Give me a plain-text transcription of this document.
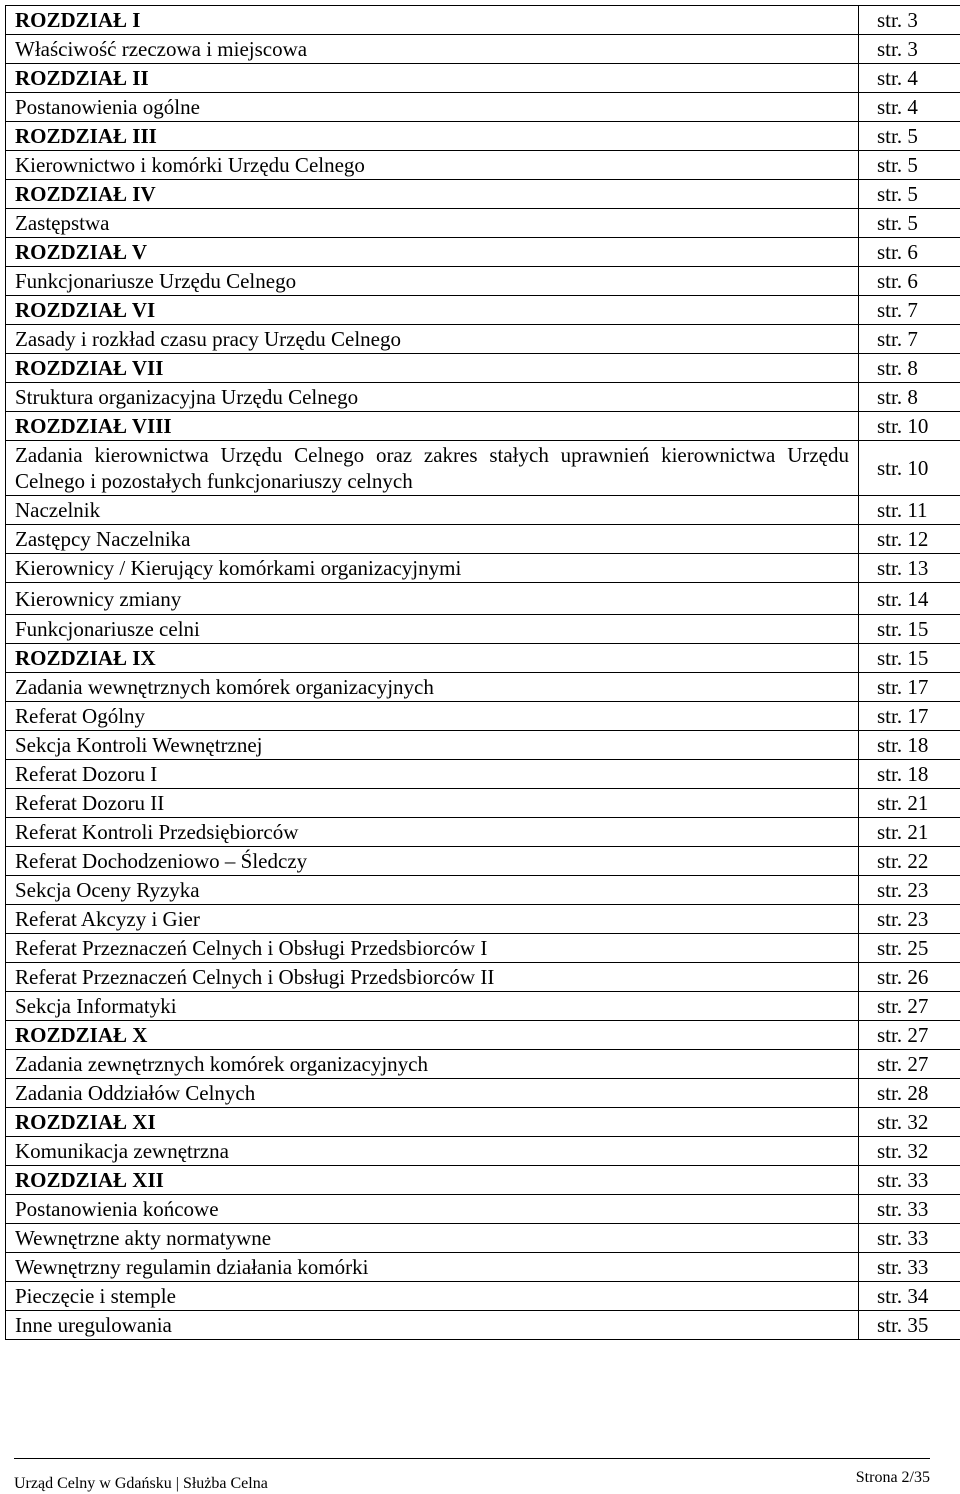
ROZDZIAŁ I	str. 3
Właściwość rzeczowa i miejscowa	str. 3
ROZDZIAŁ II	str. 4
Postanowienia ogólne	str. 4
ROZDZIAŁ III	str. 5
Kierownictwo i komórki Urzędu Celnego	str. 5
ROZDZIAŁ IV	str. 5
Zastępstwa	str. 5
ROZDZIAŁ V	str. 6
Funkcjonariusze Urzędu Celnego	str. 6
ROZDZIAŁ VI	str. 7
Zasady i rozkład czasu pracy Urzędu Celnego	str. 7
ROZDZIAŁ VII	str. 8
Struktura organizacyjna Urzędu Celnego	str. 8
ROZDZIAŁ VIII	str. 10
Zadania kierownictwa Urzędu Celnego oraz zakres stałych uprawnień kierownictwa Urzędu Celnego i pozostałych funkcjonariuszy celnych	str. 10
Naczelnik	str. 11
Zastępcy Naczelnika	str. 12
Kierownicy / Kierujący komórkami organizacyjnymi	str. 13
Kierownicy zmiany	str. 14
Funkcjonariusze celni	str. 15
ROZDZIAŁ IX	str. 15
Zadania wewnętrznych komórek organizacyjnych	str. 17
Referat Ogólny	str. 17
Sekcja Kontroli Wewnętrznej	str. 18
Referat Dozoru I	str. 18
Referat Dozoru II	str. 21
Referat Kontroli Przedsiębiorców	str. 21
Referat Dochodzeniowo – Śledczy	str. 22
Sekcja Oceny Ryzyka	str. 23
Referat Akcyzy i Gier	str. 23
Referat Przeznaczeń Celnych i Obsługi Przedsbiorców I	str. 25
Referat Przeznaczeń Celnych i Obsługi Przedsbiorców II	str. 26
Sekcja Informatyki	str. 27
ROZDZIAŁ X	str. 27
Zadania zewnętrznych komórek organizacyjnych	str. 27
Zadania Oddziałów Celnych	str. 28
ROZDZIAŁ XI	str. 32
Komunikacja zewnętrzna	str. 32
ROZDZIAŁ XII	str. 33
Postanowienia końcowe	str. 33
Wewnętrzne akty normatywne	str. 33
Wewnętrzny regulamin działania komórki	str. 33
Pieczęcie i stemple	str. 34
Inne uregulowania	str. 35
Urząd Celny w Gdańsku | Służba Celna	Strona 2/35
